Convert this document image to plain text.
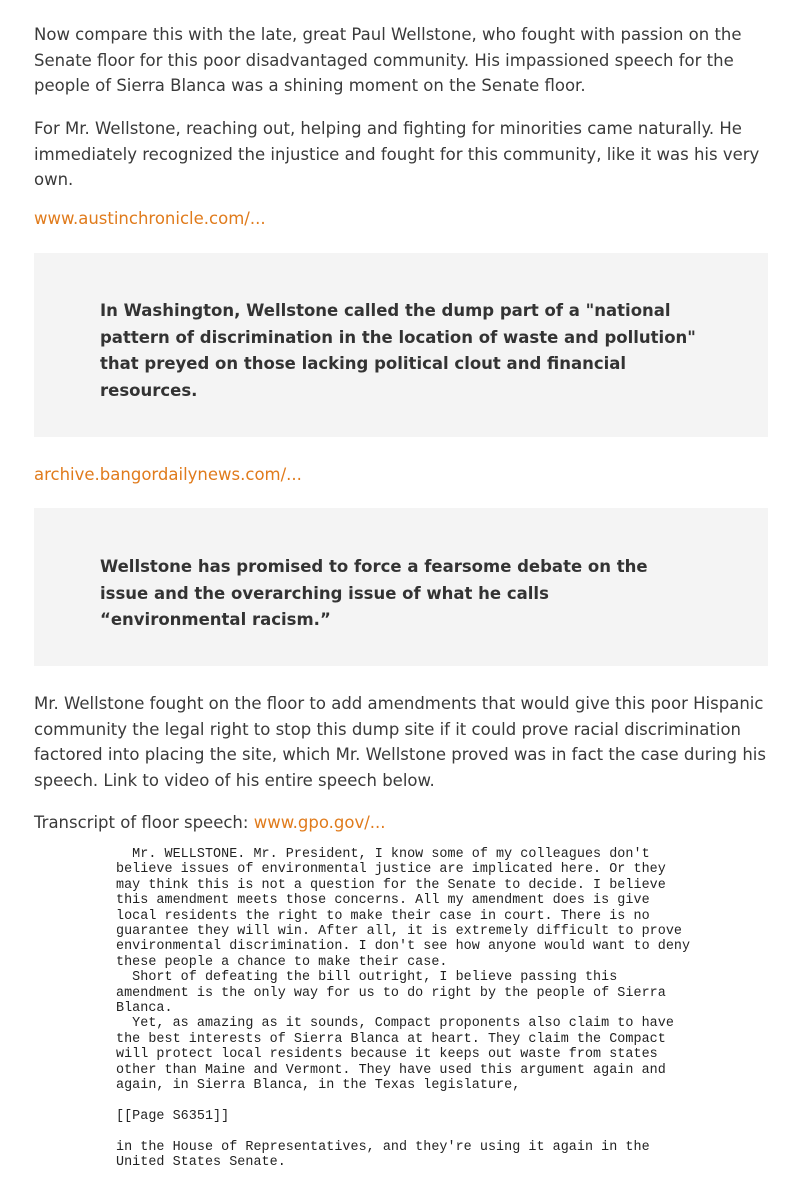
Now compare this with the late, great Paul Wellstone, who fought with passion on the Senate floor for this poor disadvantaged community. His impassioned speech for the people of Sierra Blanca was a shining moment on the Senate floor.

For Mr. Wellstone, reaching out, helping and fighting for minorities came naturally. He immediately recognized the injustice and fought for this community, like it was his very own.

www.austinchronicle.com/...

In Washington, Wellstone called the dump part of a "national pattern of discrimination in the location of waste and pollution" that preyed on those lacking political clout and financial resources.

archive.bangordailynews.com/...

Wellstone has promised to force a fearsome debate on the issue and the overarching issue of what he calls “environmental racism.”

Mr. Wellstone fought on the floor to add amendments that would give this poor Hispanic community the legal right to stop this dump site if it could prove racial discrimination factored into placing the site, which Mr. Wellstone proved was in fact the case during his speech. Link to video of his entire speech below.

Transcript of floor speech: www.gpo.gov/...

Mr. WELLSTONE. Mr. President, I know some of my colleagues don't
believe issues of environmental justice are implicated here. Or they
may think this is not a question for the Senate to decide. I believe
this amendment meets those concerns. All my amendment does is give
local residents the right to make their case in court. There is no
guarantee they will win. After all, it is extremely difficult to prove
environmental discrimination. I don't see how anyone would want to deny
these people a chance to make their case.
Short of defeating the bill outright, I believe passing this
amendment is the only way for us to do right by the people of Sierra
Blanca.
Yet, as amazing as it sounds, Compact proponents also claim to have
the best interests of Sierra Blanca at heart. They claim the Compact
will protect local residents because it keeps out waste from states
other than Maine and Vermont. They have used this argument again and
again, in Sierra Blanca, in the Texas legislature,

[[Page S6351]]

in the House of Representatives, and they're using it again in the
United States Senate.
